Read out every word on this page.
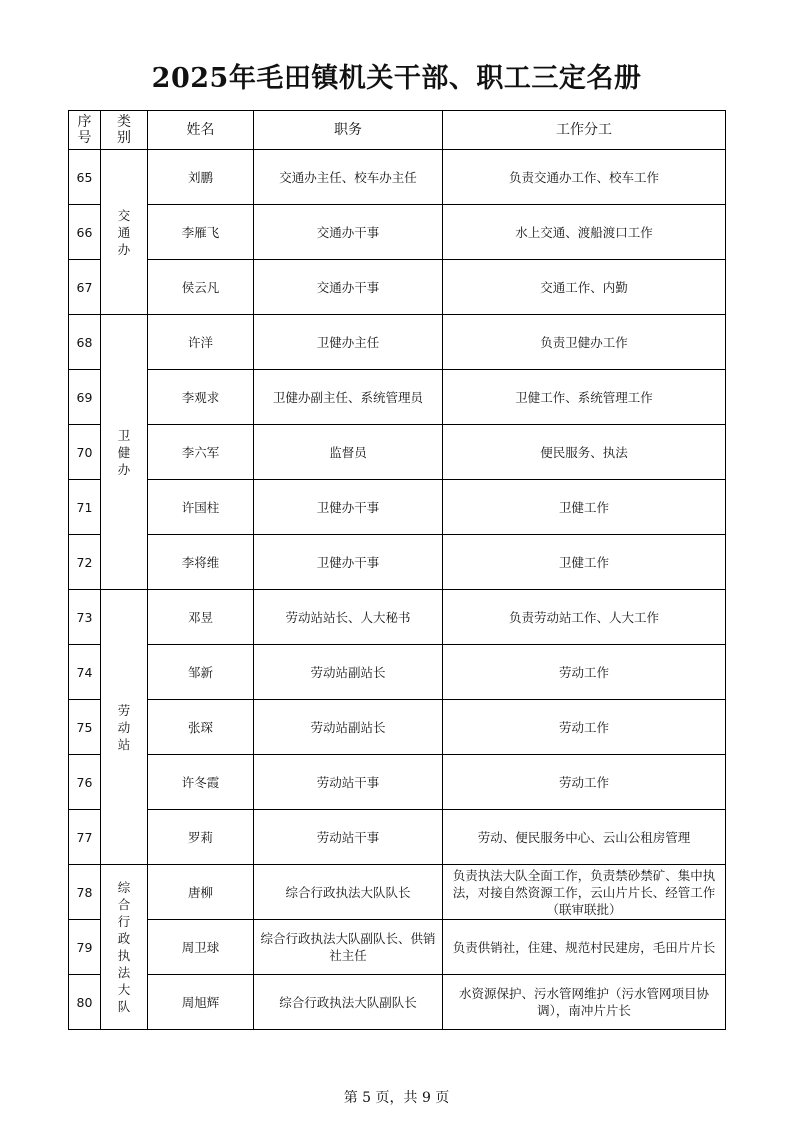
2025年毛田镇机关干部、职工三定名册
序号	类别	姓名	职务	工作分工
65	交通办	刘鹏	交通办主任、校车办主任	负责交通办工作、校车工作
66		李雁飞	交通办干事	水上交通、渡船渡口工作
67		侯云凡	交通办干事	交通工作、内勤
68	卫健办	许洋	卫健办主任	负责卫健办工作
69		李观求	卫健办副主任、系统管理员	卫健工作、系统管理工作
70		李六军	监督员	便民服务、执法
71		许国柱	卫健办干事	卫健工作
72		李将维	卫健办干事	卫健工作
73	劳动站	邓昱	劳动站站长、人大秘书	负责劳动站工作、人大工作
74		邹新	劳动站副站长	劳动工作
75		张琛	劳动站副站长	劳动工作
76		许冬霞	劳动站干事	劳动工作
77		罗莉	劳动站干事	劳动、便民服务中心、云山公租房管理
78	综合行政执法大队	唐柳	综合行政执法大队队长	负责执法大队全面工作，负责禁砂禁矿、集中执法，对接自然资源工作，云山片片长、经管工作（联审联批）
79		周卫球	综合行政执法大队副队长、供销社主任	负责供销社，住建、规范村民建房，毛田片片长
80		周旭辉	综合行政执法大队副队长	水资源保护、污水管网维护（污水管网项目协调），南冲片片长
第 5 页，共 9 页
